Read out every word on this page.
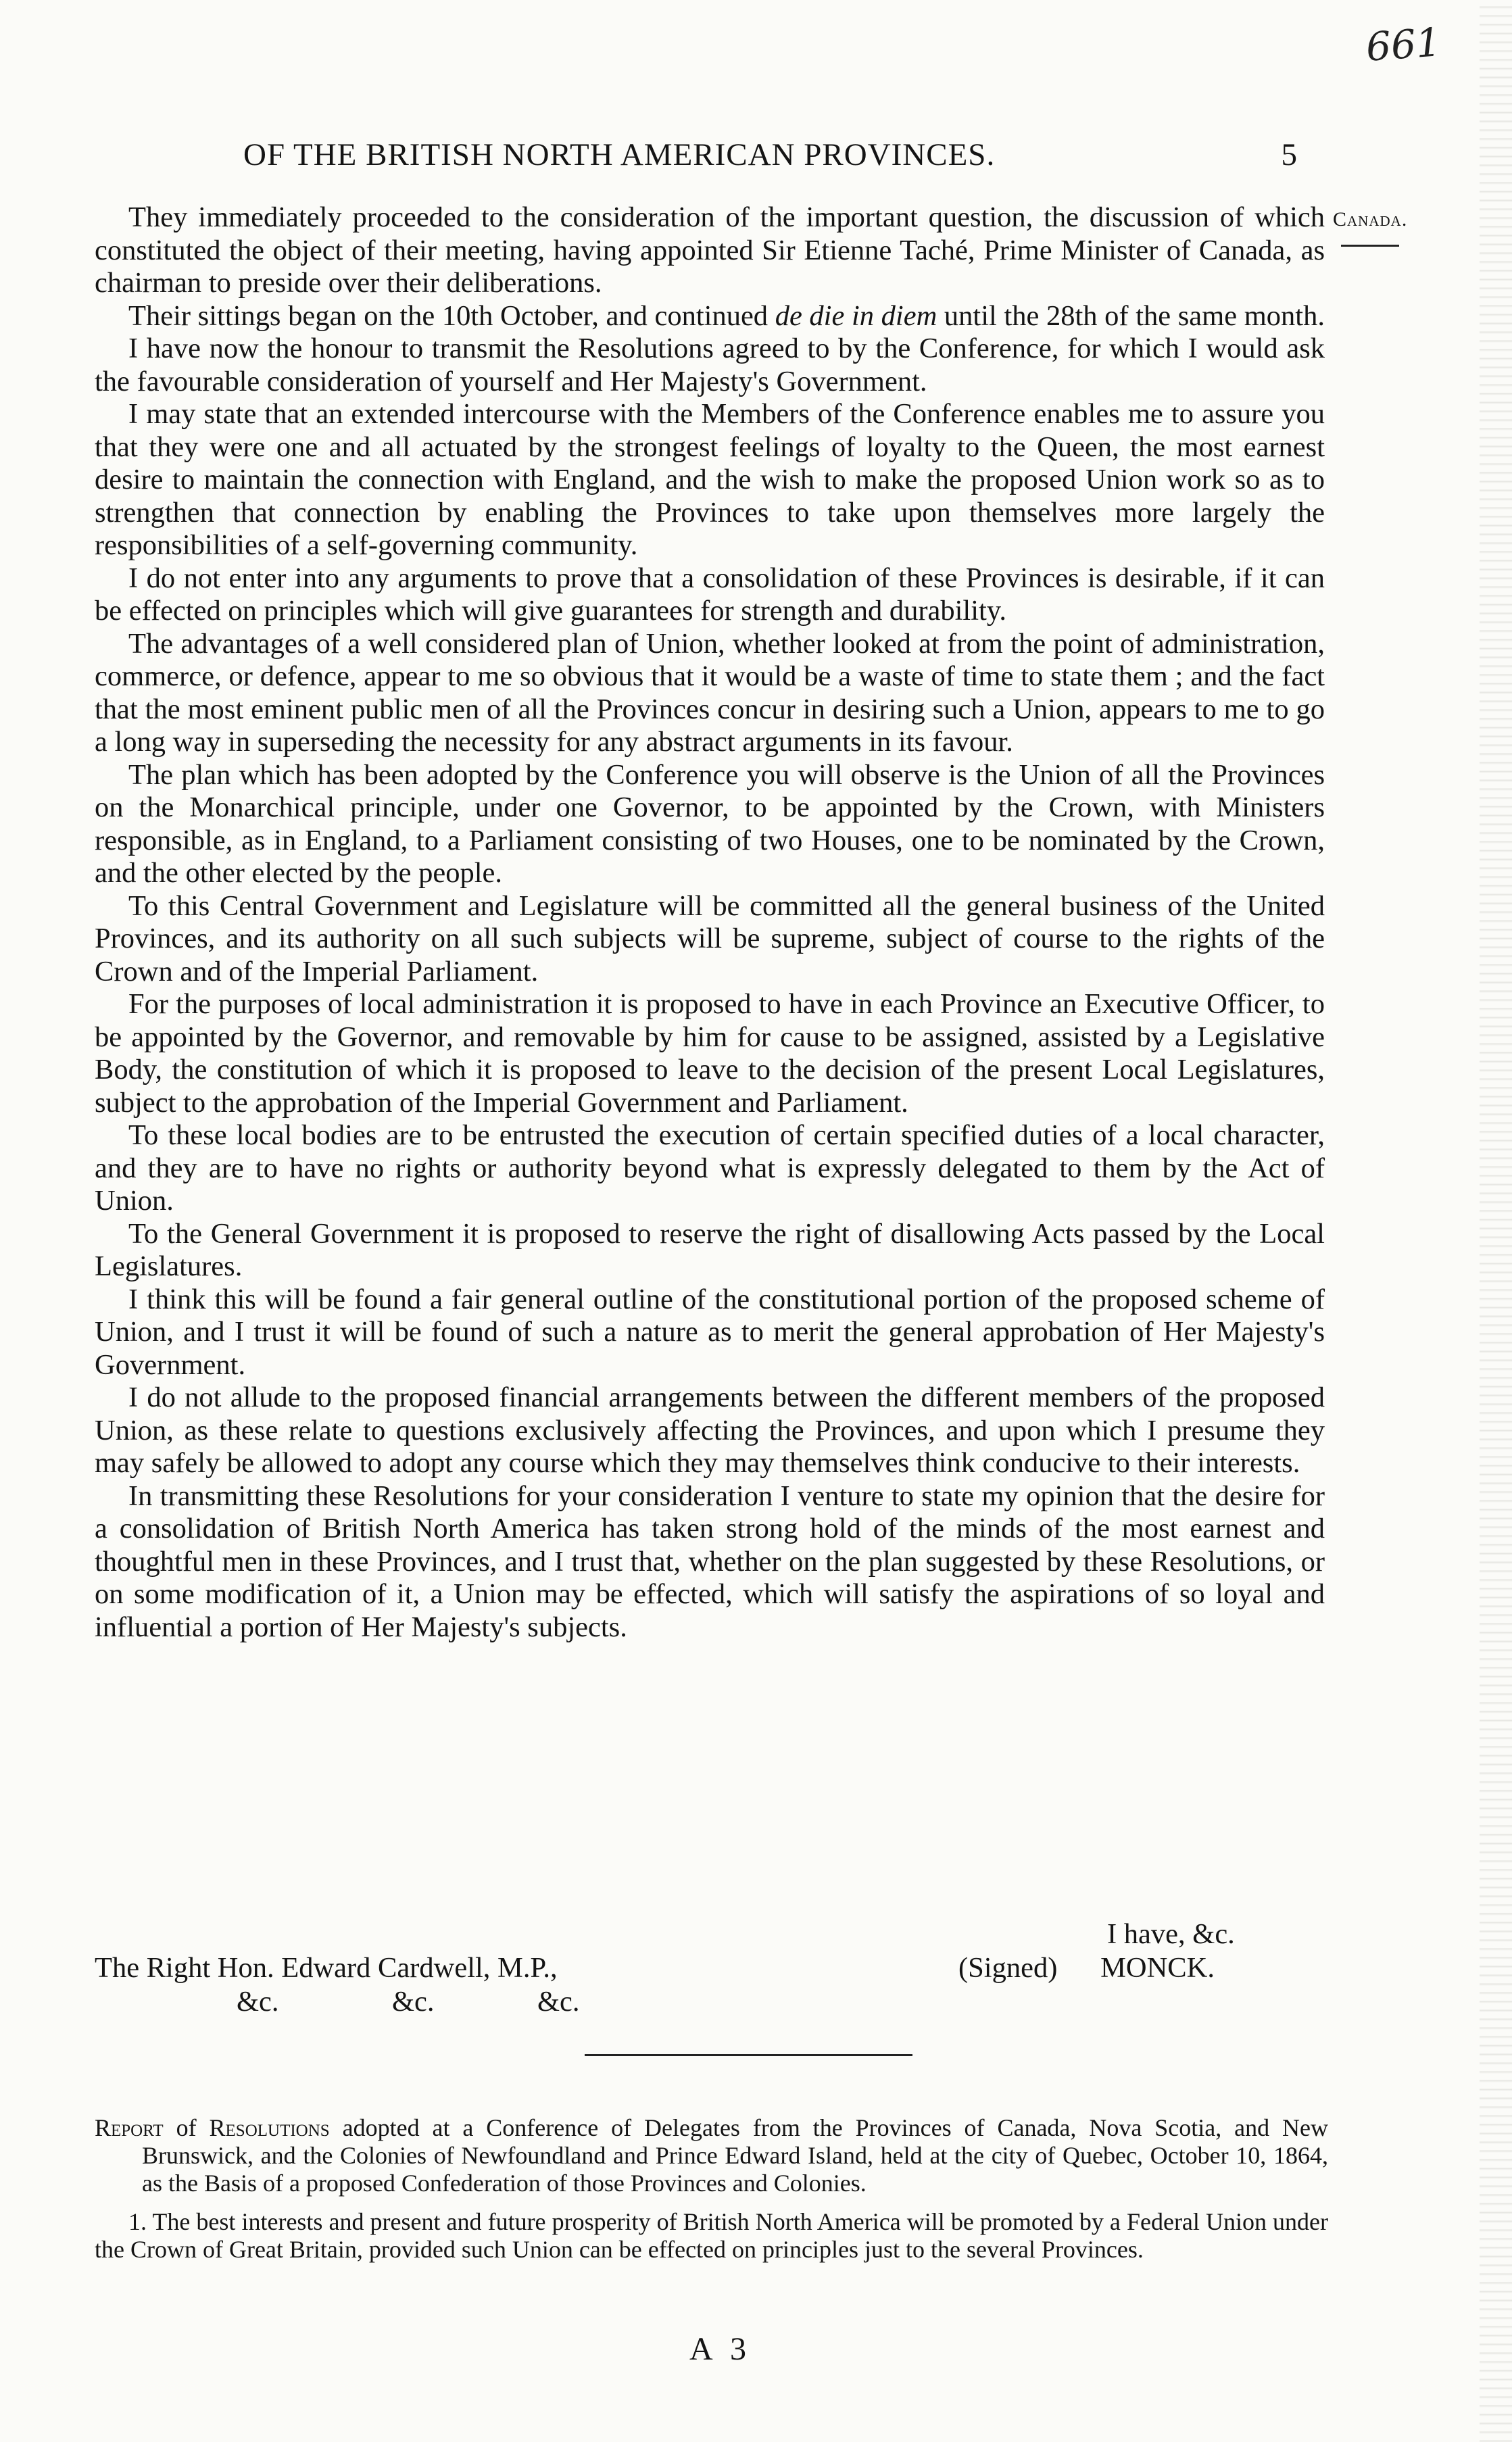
661
OF THE BRITISH NORTH AMERICAN PROVINCES.	5
Canada.

They immediately proceeded to the consideration of the important question, the discussion of which constituted the object of their meeting, having appointed Sir Etienne Taché, Prime Minister of Canada, as chairman to preside over their deliberations.

Their sittings began on the 10th October, and continued de die in diem until the 28th of the same month.

I have now the honour to transmit the Resolutions agreed to by the Conference, for which I would ask the favourable consideration of yourself and Her Majesty's Government.

I may state that an extended intercourse with the Members of the Conference enables me to assure you that they were one and all actuated by the strongest feelings of loyalty to the Queen, the most earnest desire to maintain the connection with England, and the wish to make the proposed Union work so as to strengthen that connection by enabling the Provinces to take upon themselves more largely the responsibilities of a self-governing community.

I do not enter into any arguments to prove that a consolidation of these Provinces is desirable, if it can be effected on principles which will give guarantees for strength and durability.

The advantages of a well considered plan of Union, whether looked at from the point of administration, commerce, or defence, appear to me so obvious that it would be a waste of time to state them ; and the fact that the most eminent public men of all the Provinces concur in desiring such a Union, appears to me to go a long way in superseding the necessity for any abstract arguments in its favour.

The plan which has been adopted by the Conference you will observe is the Union of all the Provinces on the Monarchical principle, under one Governor, to be appointed by the Crown, with Ministers responsible, as in England, to a Parliament consisting of two Houses, one to be nominated by the Crown, and the other elected by the people.

To this Central Government and Legislature will be committed all the general business of the United Provinces, and its authority on all such subjects will be supreme, subject of course to the rights of the Crown and of the Imperial Parliament.

For the purposes of local administration it is proposed to have in each Province an Executive Officer, to be appointed by the Governor, and removable by him for cause to be assigned, assisted by a Legislative Body, the constitution of which it is proposed to leave to the decision of the present Local Legislatures, subject to the approbation of the Imperial Government and Parliament.

To these local bodies are to be entrusted the execution of certain specified duties of a local character, and they are to have no rights or authority beyond what is expressly delegated to them by the Act of Union.

To the General Government it is proposed to reserve the right of disallowing Acts passed by the Local Legislatures.

I think this will be found a fair general outline of the constitutional portion of the proposed scheme of Union, and I trust it will be found of such a nature as to merit the general approbation of Her Majesty's Government.

I do not allude to the proposed financial arrangements between the different members of the proposed Union, as these relate to questions exclusively affecting the Provinces, and upon which I presume they may safely be allowed to adopt any course which they may themselves think conducive to their interests.

In transmitting these Resolutions for your consideration I venture to state my opinion that the desire for a consolidation of British North America has taken strong hold of the minds of the most earnest and thoughtful men in these Provinces, and I trust that, whether on the plan suggested by these Resolutions, or on some modification of it, a Union may be effected, which will satisfy the aspirations of so loyal and influential a portion of Her Majesty's subjects.

I have, &c.
The Right Hon. Edward Cardwell, M.P.,	(Signed)      MONCK.
&c.	&c.	&c.

Report of Resolutions adopted at a Conference of Delegates from the Provinces of Canada, Nova Scotia, and New Brunswick, and the Colonies of Newfoundland and Prince Edward Island, held at the city of Quebec, October 10, 1864, as the Basis of a proposed Confederation of those Provinces and Colonies.

1. The best interests and present and future prosperity of British North America will be promoted by a Federal Union under the Crown of Great Britain, provided such Union can be effected on principles just to the several Provinces.

A 3
